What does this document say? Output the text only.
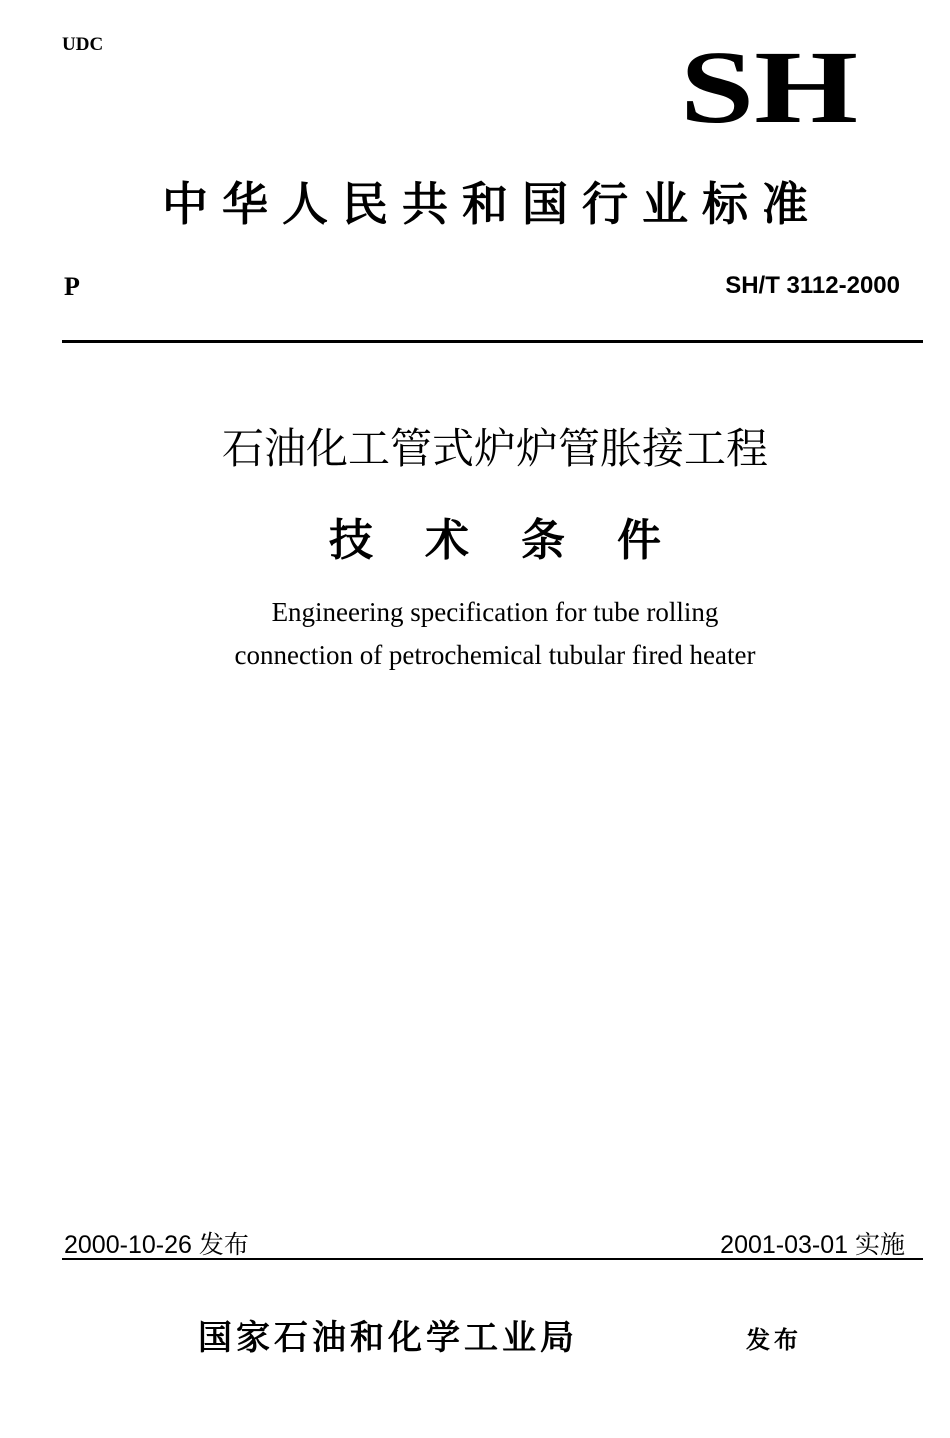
UDC	SH
中华人民共和国行业标准
P	SH/T 3112-2000
石油化工管式炉炉管胀接工程
技术条件
Engineering specification for tube rolling
connection of petrochemical tubular fired heater
2000-10-26 发布	2001-03-01 实施
国家石油和化学工业局	发布
